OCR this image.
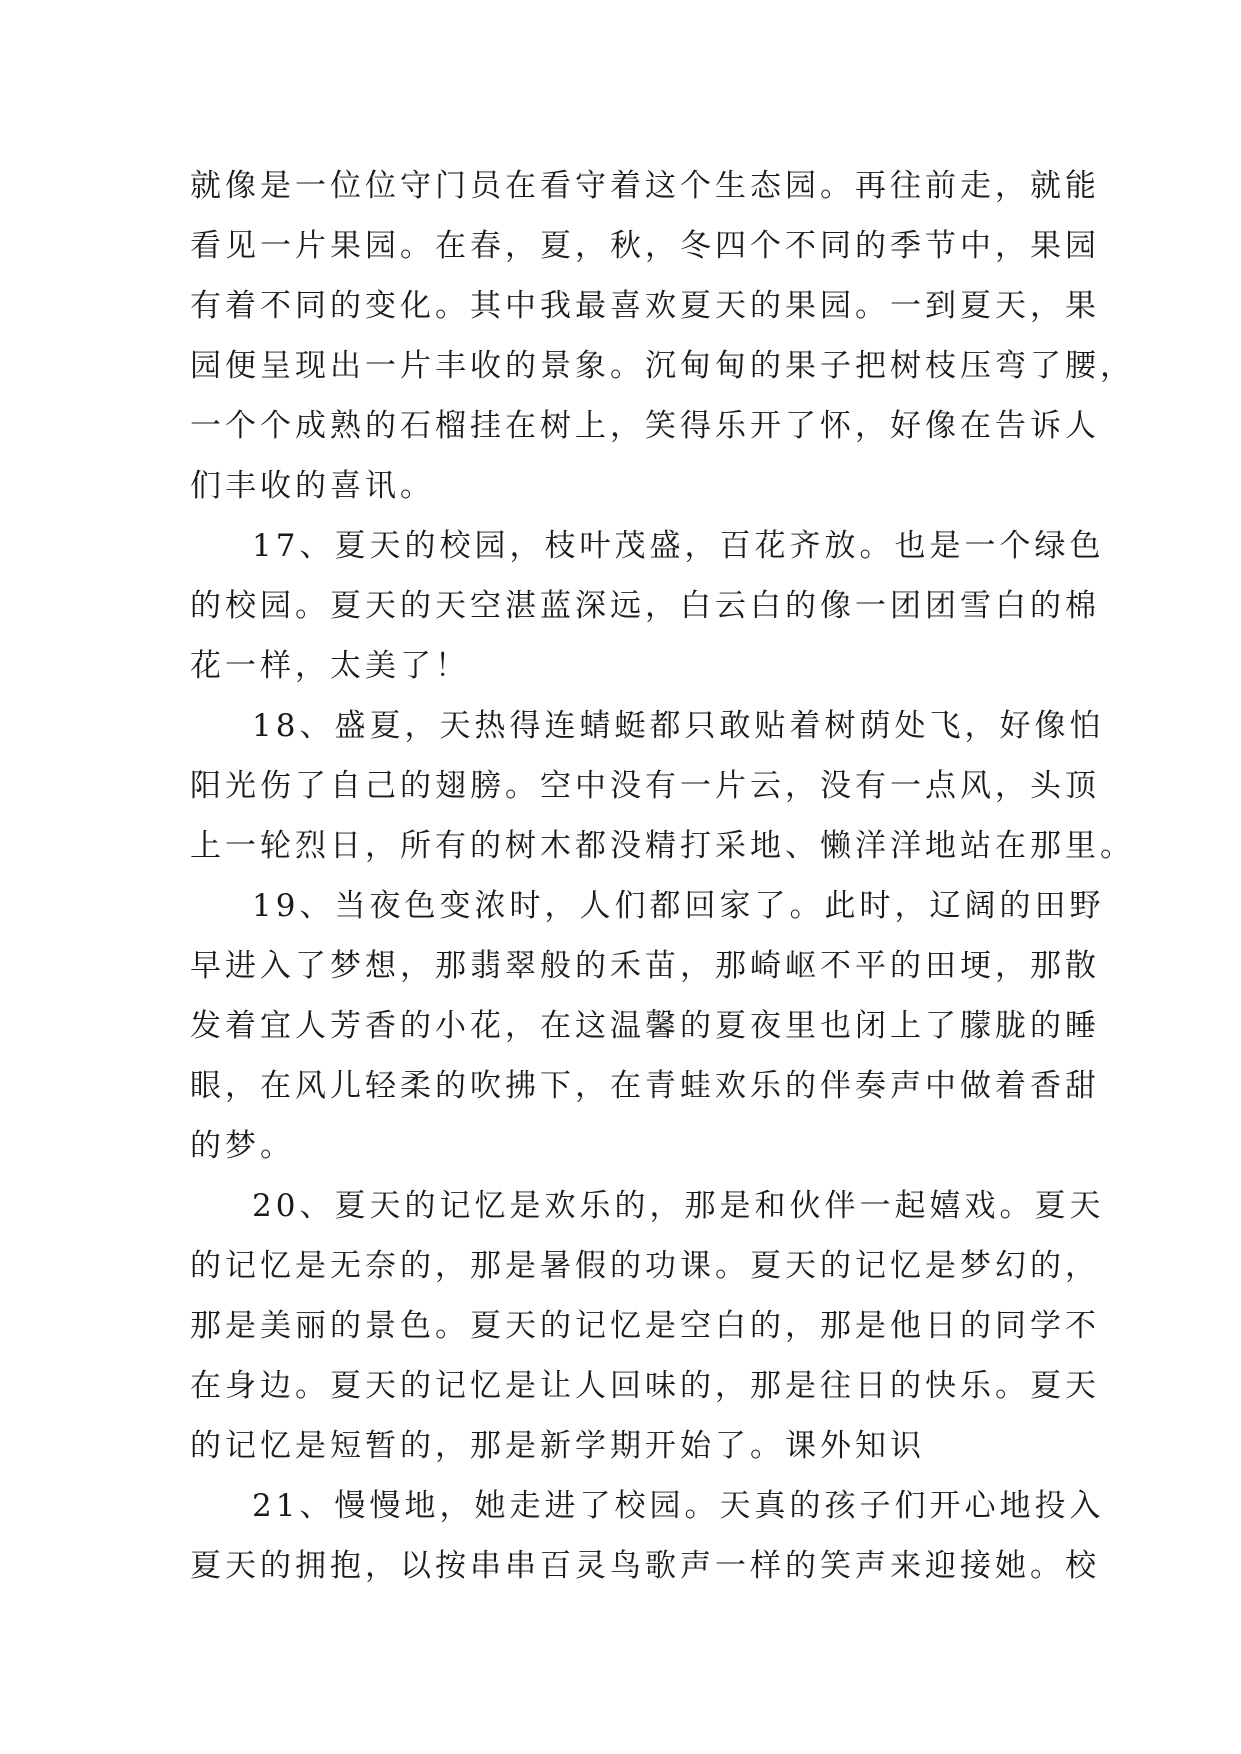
就像是一位位守门员在看守着这个生态园。再往前走，就能
看见一片果园。在春，夏，秋，冬四个不同的季节中，果园
有着不同的变化。其中我最喜欢夏天的果园。一到夏天，果
园便呈现出一片丰收的景象。沉甸甸的果子把树枝压弯了腰，
一个个成熟的石榴挂在树上，笑得乐开了怀，好像在告诉人
们丰收的喜讯。
17、夏天的校园，枝叶茂盛，百花齐放。也是一个绿色
的校园。夏天的天空湛蓝深远，白云白的像一团团雪白的棉
花一样，太美了！
18、盛夏，天热得连蜻蜓都只敢贴着树荫处飞，好像怕
阳光伤了自己的翅膀。空中没有一片云，没有一点风，头顶
上一轮烈日，所有的树木都没精打采地、懒洋洋地站在那里。
19、当夜色变浓时，人们都回家了。此时，辽阔的田野
早进入了梦想，那翡翠般的禾苗，那崎岖不平的田埂，那散
发着宜人芳香的小花，在这温馨的夏夜里也闭上了朦胧的睡
眼，在风儿轻柔的吹拂下，在青蛙欢乐的伴奏声中做着香甜
的梦。
20、夏天的记忆是欢乐的，那是和伙伴一起嬉戏。夏天
的记忆是无奈的，那是暑假的功课。夏天的记忆是梦幻的，
那是美丽的景色。夏天的记忆是空白的，那是他日的同学不
在身边。夏天的记忆是让人回味的，那是往日的快乐。夏天
的记忆是短暂的，那是新学期开始了。课外知识
21、慢慢地，她走进了校园。天真的孩子们开心地投入
夏天的拥抱，以按串串百灵鸟歌声一样的笑声来迎接她。校
